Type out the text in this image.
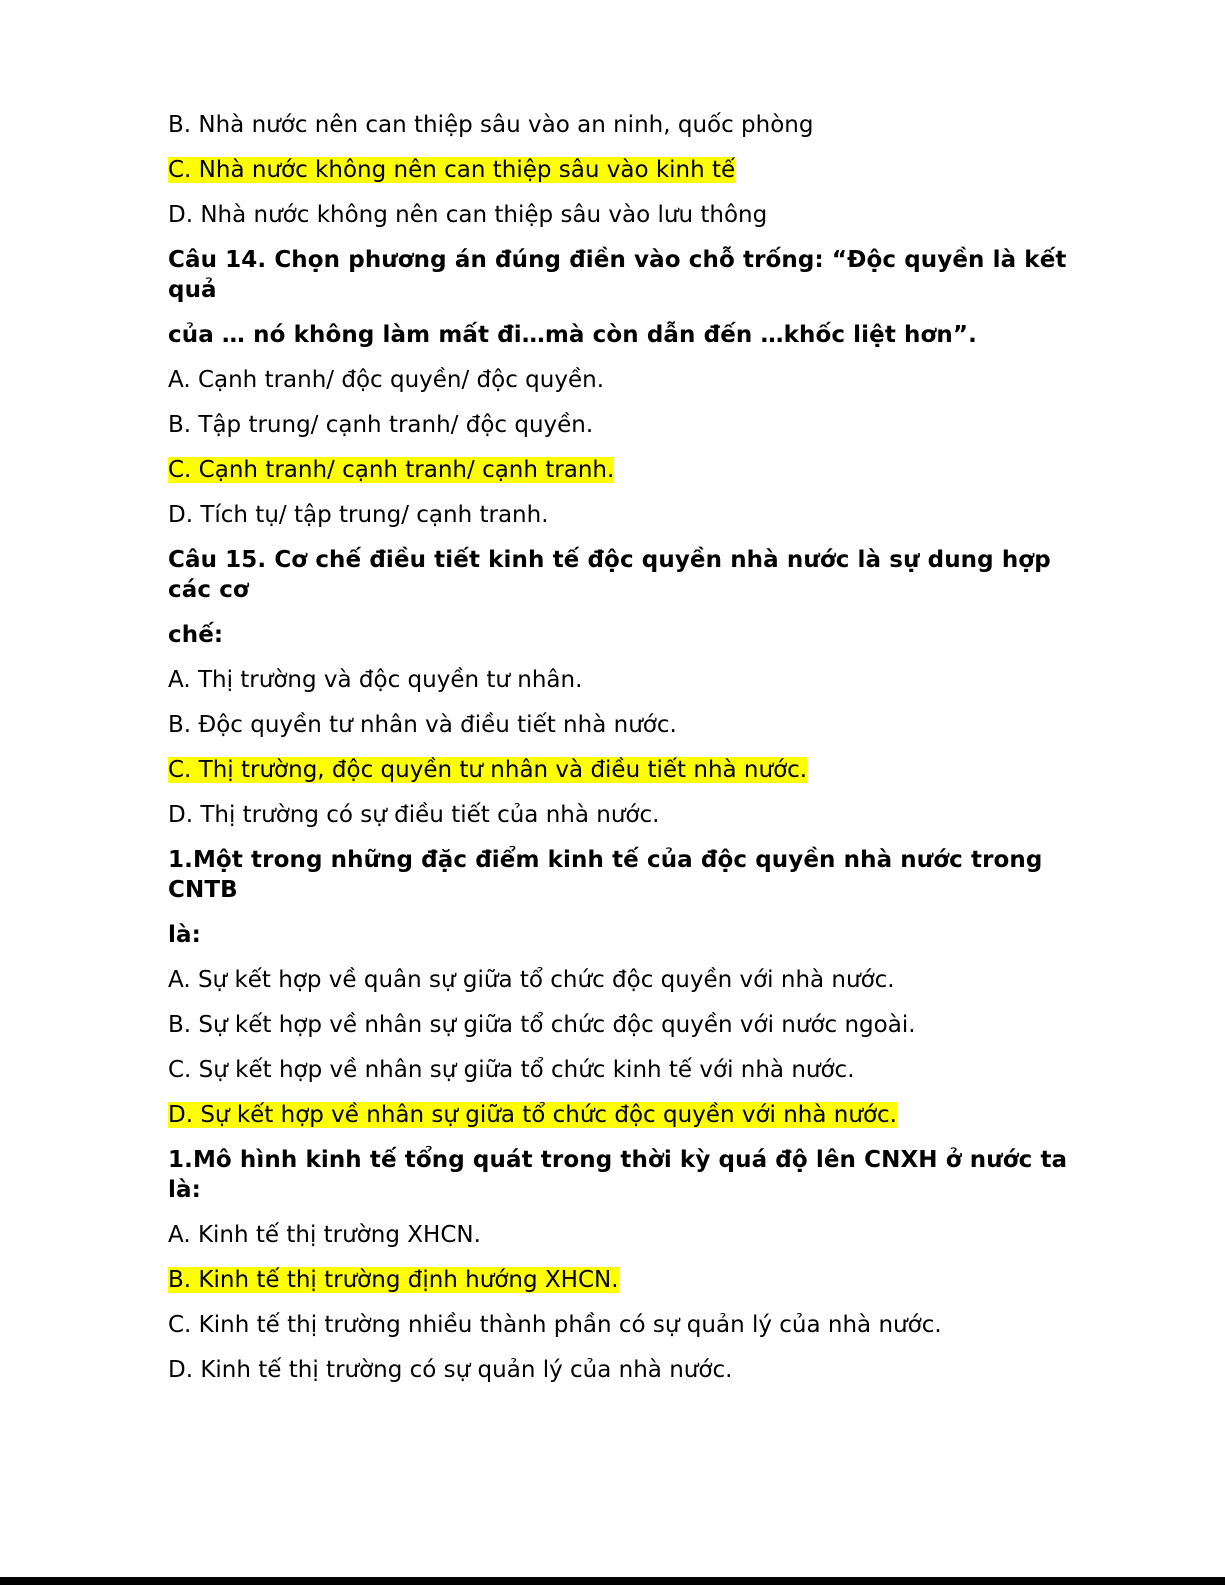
B. Nhà nước nên can thiệp sâu vào an ninh, quốc phòng

C. Nhà nước không nên can thiệp sâu vào kinh tế

D. Nhà nước không nên can thiệp sâu vào lưu thông

Câu 14. Chọn phương án đúng điền vào chỗ trống: “Độc quyền là kết quả

của … nó không làm mất đi…mà còn dẫn đến …khốc liệt hơn”.

A. Cạnh tranh/ độc quyền/ độc quyền.

B. Tập trung/ cạnh tranh/ độc quyền.

C. Cạnh tranh/ cạnh tranh/ cạnh tranh.

D. Tích tụ/ tập trung/ cạnh tranh.

Câu 15. Cơ chế điều tiết kinh tế độc quyền nhà nước là sự dung hợp các cơ

chế:

A. Thị trường và độc quyền tư nhân.

B. Độc quyền tư nhân và điều tiết nhà nước.

C. Thị trường, độc quyền tư nhân và điều tiết nhà nước.

D. Thị trường có sự điều tiết của nhà nước.

1.Một trong những đặc điểm kinh tế của độc quyền nhà nước trong CNTB

là:

A. Sự kết hợp về quân sự giữa tổ chức độc quyền với nhà nước.

B. Sự kết hợp về nhân sự giữa tổ chức độc quyền với nước ngoài.

C. Sự kết hợp về nhân sự giữa tổ chức kinh tế với nhà nước.

D. Sự kết hợp về nhân sự giữa tổ chức độc quyền với nhà nước.

1.Mô hình kinh tế tổng quát trong thời kỳ quá độ lên CNXH ở nước ta là:

A. Kinh tế thị trường XHCN.

B. Kinh tế thị trường định hướng XHCN.

C. Kinh tế thị trường nhiều thành phần có sự quản lý của nhà nước.

D. Kinh tế thị trường có sự quản lý của nhà nước.
